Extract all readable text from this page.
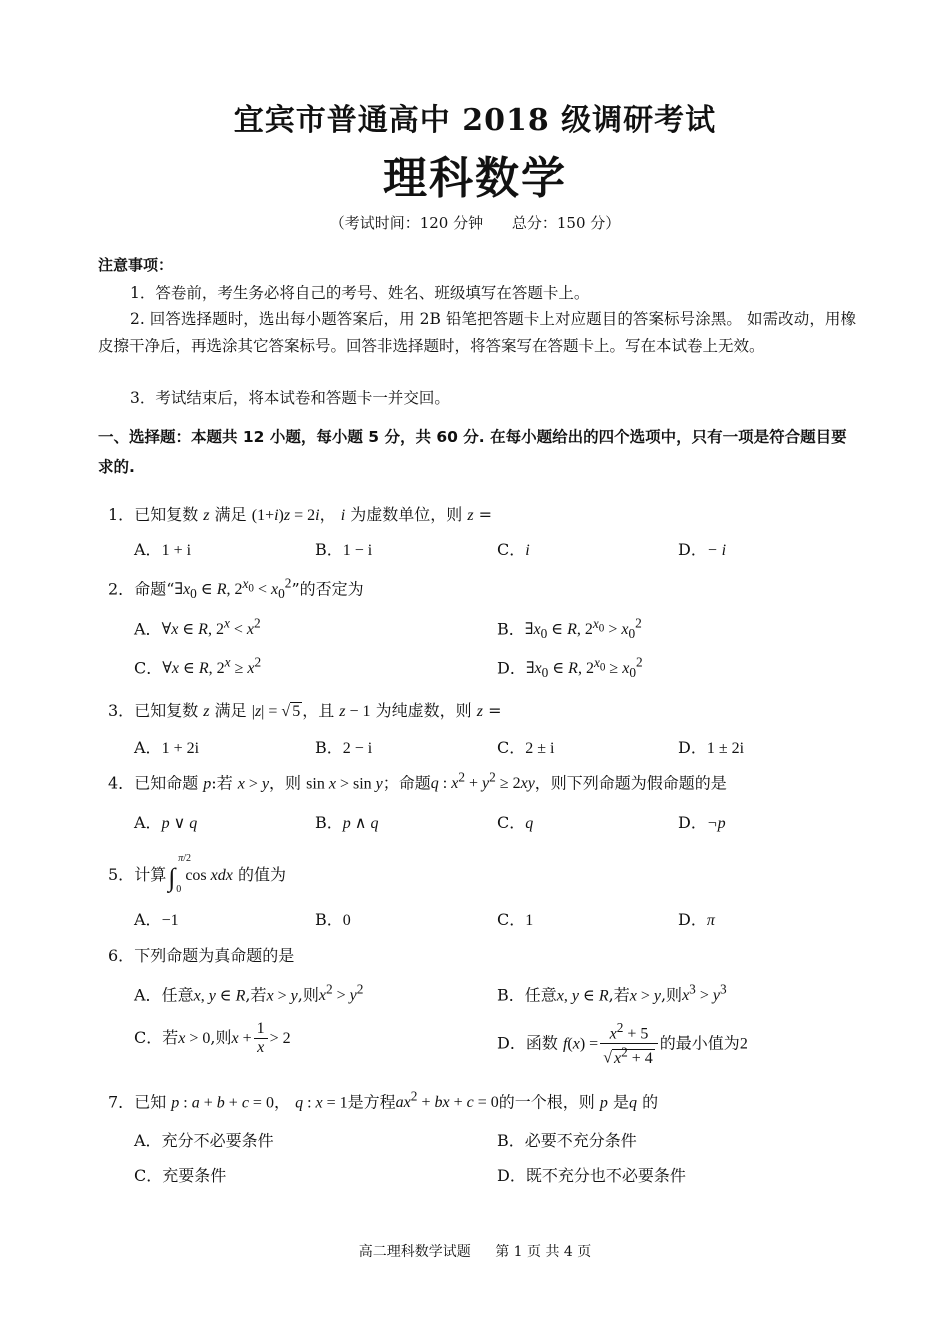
宜宾市普通高中 2018 级调研考试
理科数学
（考试时间：120 分钟 总分：150 分）
注意事项：
1．答卷前，考生务必将自己的考号、姓名、班级填写在答题卡上。
2. 回答选择题时，选出每小题答案后，用 2B 铅笔把答题卡上对应题目的答案标号涂黑。 如需改动，用橡皮擦干净后，再选涂其它答案标号。回答非选择题时，将答案写在答题卡上。写在本试卷上无效。
3．考试结束后，将本试卷和答题卡一并交回。
一、选择题：本题共 12 小题，每小题 5 分，共 60 分. 在每小题给出的四个选项中，只有一项是符合题目要求的.
1．已知复数 z 满足 (1+i)z = 2i， i 为虚数单位，则 z =
A．1 + i	B．1 − i	C．i	D．− i
2．命题“$\exists x_0$ ∈ R, $2^{x_0} < x_0^2$”的否定为
A．∀x ∈ R, $2^x < x^2$	B．$\exists x_0$ ∈ R, $2^{x_0} > x_0^2$
C．∀x ∈ R, $2^x \ge x^2$	D．$\exists x_0$ ∈ R, $2^{x_0} \ge x_0^2$
3．已知复数 z 满足 |z| = √ 5 ，且 z − 1 为纯虚数，则 z =
A．1 + 2i	B．2 − i	C．2 ± i	D．1 ± 2i
4．已知命题 p:若 x > y，则 sin x > sin y；命题q : $x^2 + y^2 \ge 2xy$，则下列命题为假命题的是
A．p ∨ q	B．p ∧ q	C．q	D．¬p
5．计算∫
π/2
0
cos xdx 的值为
A．−1	B．0	C．1	D．π
6．下列命题为真命题的是
A．任意x, y ∈ R,若x > y,则$x^2 > y^2$	B．任意x, y ∈ R,若x > y,则$x^3 > y^3$
C．若x > 0,则$x + \frac{1}{x} > 2$	D．函数 $f(x) = \frac{x^2 + 5}{√ x^2 + 4}$ 的最小值为2
7．已知 p : a + b + c = 0， q : x = 1是方程$ax^2$ + bx + c = 0的一个根，则 p 是q 的
A．充分不必要条件	B．必要不充分条件
C．充要条件	D．既不充分也不必要条件
高二理科数学试题 第 1 页 共 4 页
